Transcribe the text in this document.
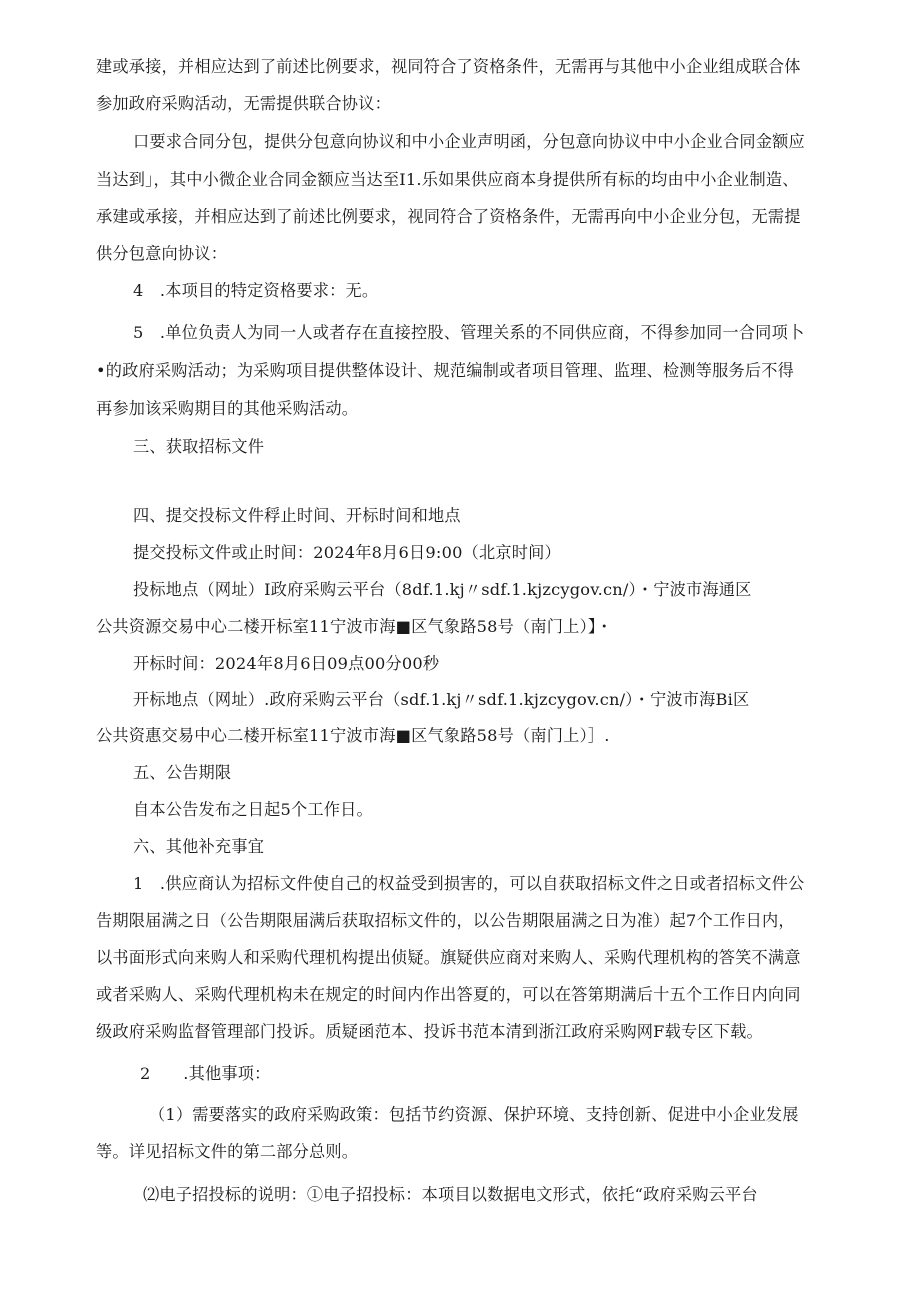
建或承接，并相应达到了前述比例要求，视同符合了资格条件，无需再与其他中小企业组成联合体
参加政府采购活动，无需提供联合协议：
口要求合同分包，提供分包意向协议和中小企业声明函，分包意向协议中中小企业合同金额应
当达到」，其中小微企业合同金额应当达至I1.乐如果供应商本身提供所有标的均由中小企业制造、
承建或承接，并相应达到了前述比例要求，视同符合了资格条件，无需再向中小企业分包，无需提
供分包意向协议：
4　.本项目的特定资格要求：无。
5　.单位负责人为同一人或者存在直接控股、管理关系的不同供应商，不得参加同一合同项卜
•的政府采购活动；为采购项目提供整体设计、规范编制或者项目管理、监理、检测等服务后不得
再参加该采购期目的其他采购活动。
三、获取招标文件
四、提交投标文件稃止时间、开标时间和地点
提交投标文件或止时间：2024年8月6日9:00（北京时间）
投标地点（网址）I政府采购云平台（8df.1.kj〃sdf.1.kjzcygov.cn/）・宁波市海通区
公共资源交易中心二楼开标室11宁波市海■区气象路58号（南门上）】・
开标时间：2024年8月6日09点00分00秒
开标地点（网址）.政府采购云平台（sdf.1.kj〃sdf.1.kjzcygov.cn/）・宁波市海Bi区
公共资惠交易中心二楼开标室11宁波市海■区气象路58号（南门上）］.
五、公告期限
自本公告发布之日起5个工作日。
六、其他补充事宜
1　.供应商认为招标文件使自己的权益受到损害的，可以自获取招标文件之日或者招标文件公
告期限届满之日（公告期限届满后获取招标文件的，以公告期限届满之日为准）起7个工作日内，
以书面形式向来购人和采购代理机构提出侦疑。旗疑供应商对来购人、采购代理机构的答笑不满意
或者采购人、采购代理机构未在规定的时间内作出答夏的，可以在答第期满后十五个工作日内向同
级政府采购监督管理部门投诉。质疑函范本、投诉书范本清到浙江政府采购网F载专区下载。
2　　.其他事项：
（1）需要落实的政府采购政策：包括节约资源、保护环境、支持创新、促进中小企业发展
等。详见招标文件的第二部分总则。
⑵电子招投标的说明：①电子招投标：本项目以数据电文形式，依托“政府采购云平台
